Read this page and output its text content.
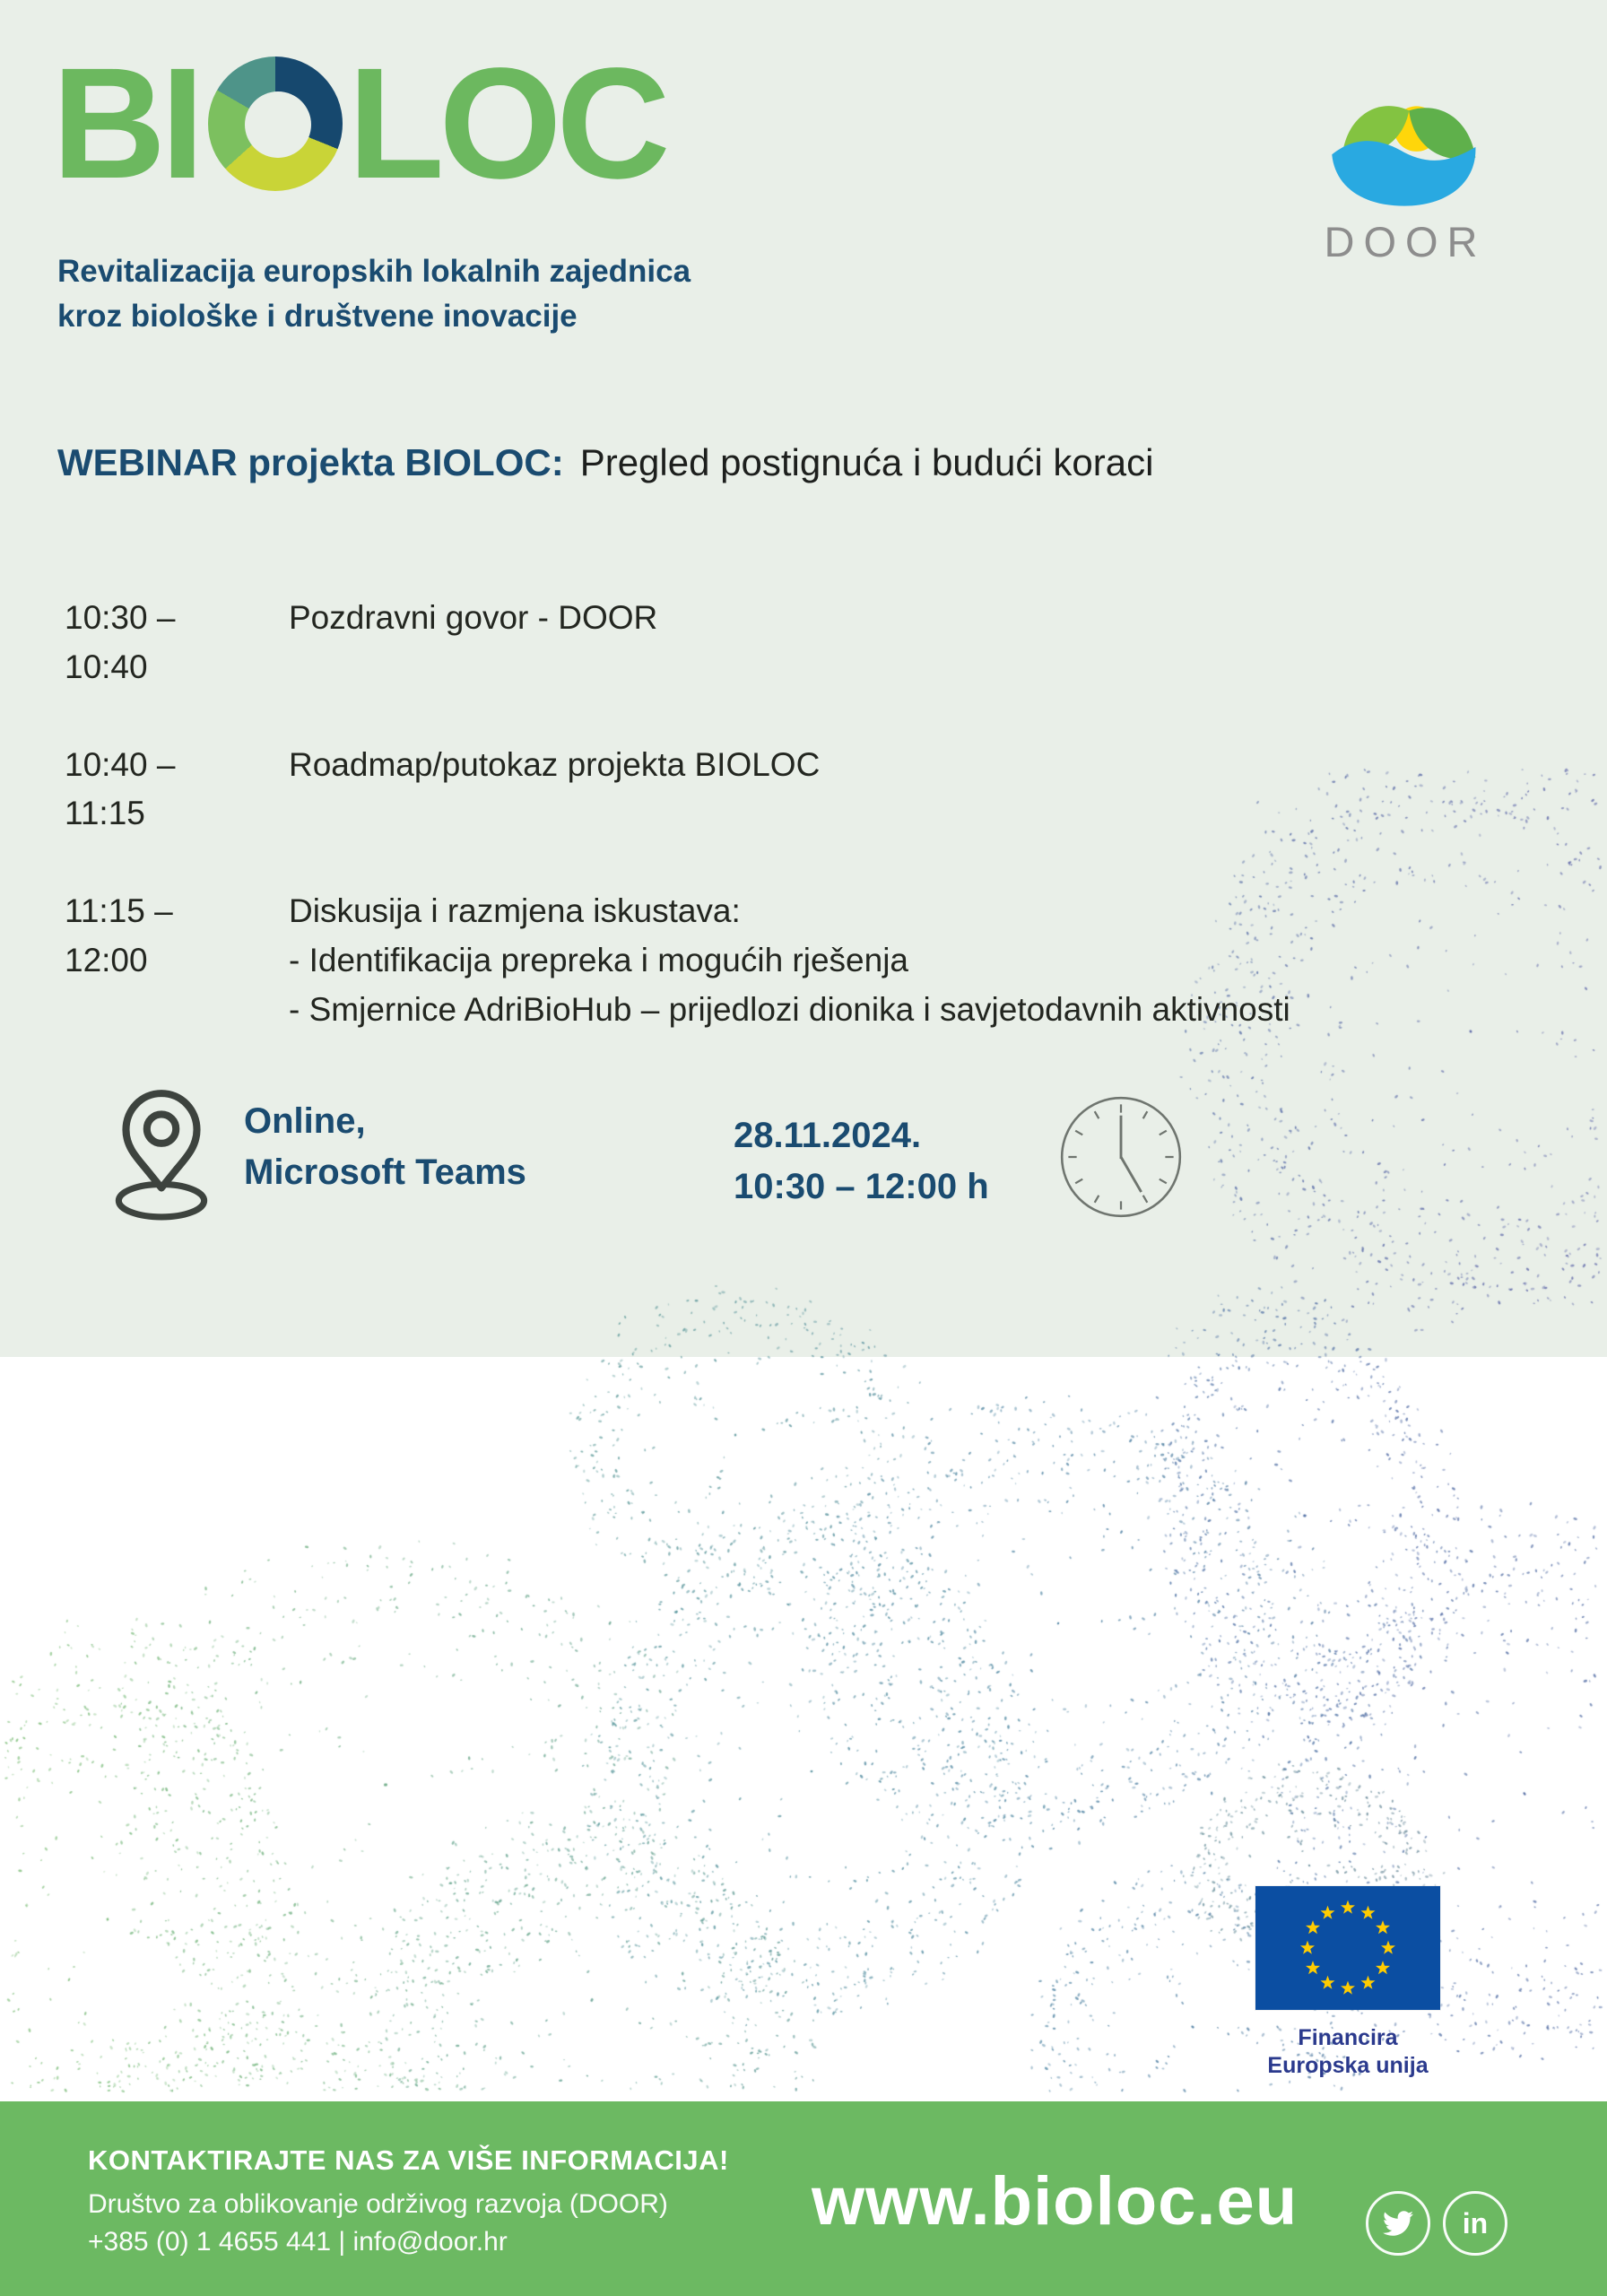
BI LOC
DOOR
Revitalizacija europskih lokalnih zajednica
kroz biološke i društvene inovacije
WEBINAR projekta BIOLOC: Pregled postignuća i budući koraci
10:30 – 10:40
Pozdravni govor - DOOR
10:40 – 11:15
Roadmap/putokaz projekta BIOLOC
11:15 – 12:00
Diskusija i razmjena iskustava:
- Identifikacija prepreka i mogućih rješenja
- Smjernice AdriBioHub – prijedlozi dionika i savjetodavnih aktivnosti
Online,
Microsoft Teams
28.11.2024.
10:30 – 12:00 h
Financira
Europska unija
KONTAKTIRAJTE NAS ZA VIŠE INFORMACIJA!
Društvo za oblikovanje održivog razvoja (DOOR)
+385 (0) 1 4655 441 | info@door.hr
www.bioloc.eu	in
